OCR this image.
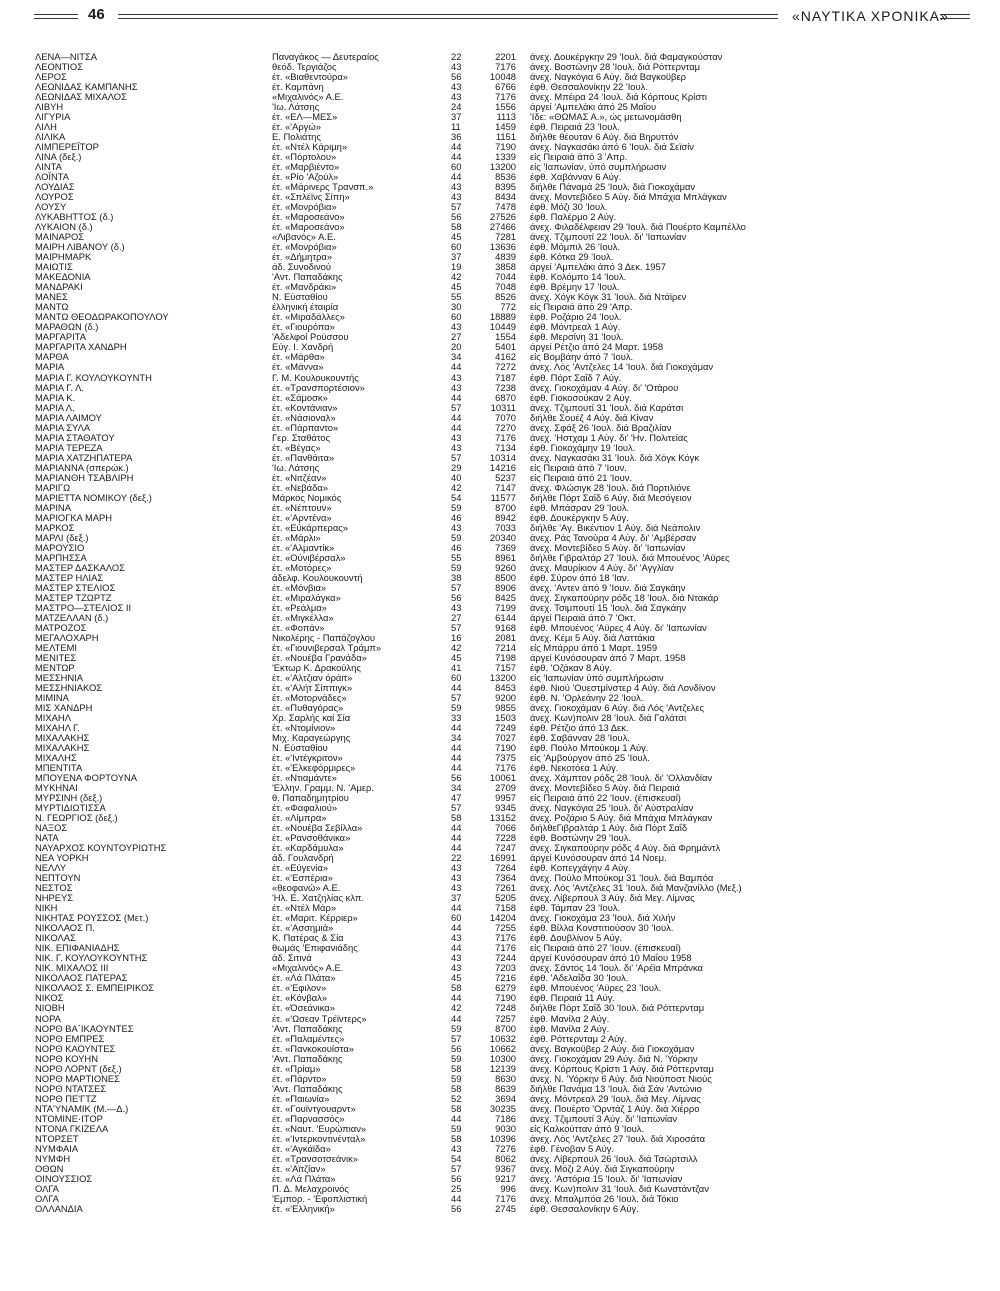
46	«ΝΑΥΤΙΚΑ ΧΡΟΝΙΚΑ»
ΛΕΝΑ—ΝΙΤΣΑ	Παναγάκος — Δευτεραίος	22	2201 άνεχ. Δουκέργκην 29 'Ιουλ. διά Φαμαγκούσταν
ΛΕΟΝΤΙΟΣ	θεόδ. Τεργιάζος	43	7176 άνεχ. Βοστώνην 28 'Ιουλ. διά Ρόττερνταμ
ΛΕΡΟΣ	έτ. «Βιαθεντούρα»	56	10048 άνεχ. Ναγκόγια 6 Αύγ. διά Βαγκοϋβερ
ΛΕΩΝΙΔΑΣ ΚΑΜΠΑΝΗΣ	έτ. Καμπάνη	43	6766 έφθ. Θεσσαλονίκην 22 'Ιουλ.
ΛΕΩΝΙΔΑΣ ΜΙΧΑΛΟΣ	«Μιχαλινός» Α.Ε.	43	7176 άνεχ. Μπέιρα 24 'Ιουλ. διά Κόρπους Κρίστι
ΛΙΒΥΗ	'Ιω. Λάτσης	24	1556 άργεί 'Αμπελάκι άπό 25 Μαΐου
ΛΙΓΥΡΙΑ	έτ. «ΕΛ—ΜΕΣ»	37	1113 'Ιδε: «ΘΩΜΑΣ Α.», ώς μετωνομάσθη
ΛΙΛΗ	έτ. «'Αργώ»	11	1459 έφθ. Πειραιά 23 'Ιουλ.
ΛΙΛΙΚΑ	Ε. Πολιάτης	36	1151 διήλθε θέουταν 6 Αύγ. διά Βηρυττόν
ΛΙΜΠΕΡΕΪΤΟΡ	έτ. «Ντέλ Κάριμη»	44	7190 άνεχ. Ναγκασάκι άπό 6 'Ιουλ. διά Σεϊσίν
ΛΙΝΑ (δεξ.)	έτ. «Πόρτολου»	44	1339 είς Πειραιά άπό 3 'Απρ.
ΛΙΝΤΑ	έτ. «Μαρβιέντο»	60	13200 είς 'Ιαπωνίαν, ύπό συμπλήρωσιν
ΛΟΪΝΤΑ	έτ. «Ρίο 'Αζούλ»	44	8536 έφθ. Χαβάνναν 6 Αύγ.
ΛΟΥΔΙΑΣ	έτ. «Μάρινερς Τρανσπ.»	43	8395 διήλθε Πάναμά 25 'Ιουλ. διά Γιοκοχάμαν
ΛΟΥΡΟΣ	έτ. «Σπλέϊνς Σίπη»	43	8434 άνεχ. Μοντεβιδεο 5 Αύγ. διά Μπάχια Μπλάγκαν
ΛΟΥΣΥ	έτ. «Μονρόβια»	57	7478 έφθ. Μόζι 30 'Ιουλ.
ΛΥΚΑΒΗΤΤΟΣ (δ.)	έτ. «Μαροσεάνο»	56	27526 έφθ. Παλέρμο 2 Αύγ.
ΛΥΚΑΙΟΝ (δ.)	έτ. «Μαροσεάνο»	58	27466 άνεχ. Φιλαδέλφειαν 29 'Ιουλ. διά Πουέρτο Καμπέλλο
ΜΑΙΝΑΡΟΣ	«Λιβανός» Α.Ε.	45	7281 άνεχ. Τζιμπουτί 22 'Ιουλ. δι' 'Ιαπωνίαν
ΜΑΙΡΗ ΛΙΒΑΝΟΥ (δ.)	έτ. «Μονρόβια»	60	13636 έφθ. Μόμπιλ 26 'Ιουλ.
ΜΑΙΡΗΜΑΡΚ	έτ. «Δήμητρα»	37	4839 έφθ. Κότκα 29 'Ιουλ.
ΜΑΙΩΤΙΣ	άδ. Συνοδινού	19	3858 άργεί 'Αμπελάκι άπό 3 Δεκ. 1957
ΜΑΚΕΔΟΝΙΑ	'Αντ. Παπαδάκης	42	7044 έφθ. Κολόμπο 14 'Ιουλ.
ΜΑΝΔΡΑΚΙ	έτ. «Μανδράκι»	45	7048 έφθ. Βρέμην 17 'Ιουλ.
ΜΑΝΕΣ	Ν. Εύσταθίου	55	8526 άνεχ. Χόγκ Κόγκ 31 'Ιουλ. διά Ντάϊρεν
ΜΑΝΤΩ	έλληνική έταιρία	30	772 είς Πειραιά άπό 29 'Απρ.
ΜΑΝΤΩ ΘΕΟΔΩΡΑΚΟΠΟΥΛΟΥ	έτ. «Μιραδάλλες»	60	18889 έφθ. Ροζάριο 24 'Ιουλ.
ΜΑΡΑΘΩΝ (δ.)	έτ. «Γιουρόπα»	43	10449 έφθ. Μόντρεαλ 1 Αύγ.
ΜΑΡΓΑΡΙΤΑ	'Αδελφοί Ρούσσου	27	1554 έφθ. Μερσίνη 31 'Ιουλ.
ΜΑΡΓΑΡΙΤΑ ΧΑΝΔΡΗ	Εύγ. Ι. Χανδρή	20	5401 άργεί Ρέτζιο άπό 24 Μαρτ. 1958
ΜΑΡΘΑ	έτ. «Μάρθα»	34	4162 είς Βομβάην άπό 7 'Ιουλ.
ΜΑΡΙΑ	έτ. «Μάννα»	44	7272 άνεχ. Λός 'Αντζελες 14 'Ιουλ. διά Γιοκοχάμαν
ΜΑΡΙΑ Γ. ΚΟΥΛΟΥΚΟΥΝΤΗ	Γ. Μ. Κουλουκουντής	43	7187 έφθ. Πόρτ Σαΐδ 7 Αύγ.
ΜΑΡΙΑ Γ. Λ.	έτ. «Τρανσπορτέσιον»	43	7238 άνεχ. Γιοκοχάμαν 4 Αύγ. δι' 'Οτάρου
ΜΑΡΙΑ Κ.	έτ. «Σάμοσκ»	44	6870 έφθ. Γιοκοσούκαν 2 Αύγ.
ΜΑΡΙΑ Λ.	έτ. «Κοντάνιαν»	57	10311 άνεχ. Τζιμπουτί 31 'Ιουλ. διά Καράτσι
ΜΑΡΙΑ ΛΑΙΜΟΥ	έτ. «Νάσιοναλ»	44	7070 διήλθε Σουέζ 4 Αύγ. διά Κίναν
ΜΑΡΙΑ ΣΥΛΑ	έτ. «Πάρπαντο»	44	7270 άνεχ. Σφάξ 26 'Ιουλ. διά Βραζιλίαν
ΜΑΡΙΑ ΣΤΑΘΑΤΟΥ	Γερ. Σταθάτος	43	7176 άνεχ. 'Ηστχαμ 1 Αύγ. δι' 'Ην. Πολιτείας
ΜΑΡΙΑ ΤΕΡΕΖΑ	έτ. «Βέγας»	43	7134 έφθ. Γιοκοχάμην 19 'Ιουλ.
ΜΑΡΙΑ ΧΑΤΖΗΠΑΤΕΡΑ	έτ. «Πανθάιτα»	57	10314 άνεχ. Ναγκασάκι 31 'Ιουλ. διά Χόγκ Κόγκ
ΜΑΡΙΑΝΝΑ (σπερώκ.)	'Ιω. Λάτσης	29	14216 είς Πειραιά άπό 7 'Ιουν.
ΜΑΡΙΑΝΘΗ ΤΣΑΒΛΙΡΗ	έτ. «Νιτζέαν»	40	5237 είς Πειραιά άπό 21 'Ιουν.
ΜΑΡΙΓΩ	έτ. «Νεβάδα»	42	7147 άνεχ. Φλώσιγκ 28 'Ιουλ. διά Πορτιλιόνε
ΜΑΡΙΕΤΤΑ ΝΟΜΙΚΟΥ (δεξ.)	Μάρκος Νομικός	54	11577 διήλθε Πόρτ Σαΐδ 6 Αύγ. διά Μεσόγειον
ΜΑΡΙΝΑ	έτ. «Νέπτουν»	59	8700 έφθ. Μπάσραν 29 'Ιουλ.
ΜΑΡΙΟΓΚΑ ΜΑΡΗ	έτ. «'Αρντένα»	46	8942 έφθ. Δουκέργκην 5 Αύγ.
ΜΑΡΚΟΣ	έτ. «Εύκάρπερας»	43	7033 διήλθε 'Αγ. Βικέντιον 1 Αύγ. διά Νεάπολιν
ΜΑΡΛΙ (δεξ.)	έτ. «Μάρλι»	59	20340 άνεχ. Ράς Τανούρα 4 Αύγ. δι' 'Αμβέρσαν
ΜΑΡΟΥΣΙΟ	έτ. «'Αλμαντίκ»	46	7369 άνεχ. Μοντεβίδεο 5 Αύγ. δι' 'Ιαπωνίαν
ΜΑΡΠΗΣΣΑ	έτ. «Ούνιβέρσαλ»	55	8961 διήλθε Γιβραλτάρ 27 'Ιουλ. διά Μπουένος 'Αϋρες
ΜΑΣΤΕΡ ΔΑΣΚΑΛΟΣ	έτ. «Μοτόρες»	59	9260 άνεχ. Μαυρίκιον 4 Αύγ. δι' 'Αγγλίαν
ΜΑΣΤΕΡ ΗΛΙΑΣ	άδελφ. Κουλουκουντή	38	8500 έφθ. Σύρον άπό 18 'Ιαν.
ΜΑΣΤΕΡ ΣΤΕΛΙΟΣ	έτ. «Μόνβια»	57	8906 άνεχ. 'Αντεν άπό 9 'Ιουν. διά Σαγκάην
ΜΑΣΤΕΡ ΤΖΩΡΤΖ	έτ. «Μιραλάγκα»	56	8425 άνεχ. Σιγκαπούρην ρόδς 18 'Ιουλ. διά Ντακάρ
ΜΑΣΤΡΟ—ΣΤΕΛΙΟΣ ΙΙ	έτ. «Ρεάλμα»	43	7199 άνεχ. Τσιμπουτί 15 'Ιουλ. διά Σαγκάην
ΜΑΤΖΕΛΛΑΝ (δ.)	έτ. «Μιγκέλλα»	27	6144 άργεί Πειραιά άπό 7 'Οκτ.
ΜΑΤΡΟΖΟΣ	έτ. «Φοπάν»	57	9168 έφθ. Μπουένος 'Αϋρες 4 Αύγ. δι' 'Ιαπωνίαν
ΜΕΓΑΛΟΧΑΡΗ	Νικολέρης - Παπάζογλου	16	2081 άνεχ. Κέμι 5 Αύγ. διά Λαττάκια
ΜΕΛΤΕΜΙ	έτ. «Γιουνιβερσαλ Τράμπ»	42	7214 είς Μπάρρυ άπό 1 Μαρτ. 1959
ΜΕΝΙΤΕΣ	έτ. «Νουέβα Γρανάδα»	45	7198 άργεί Κυνόσουραν άπό 7 Μαρτ. 1958
ΜΕΝΤΩΡ	'Εκτωρ Κ. Δρακούλης	41	7157 έφθ. 'Οζάκαν 8 Αύγ.
ΜΕΣΣΗΝΙΑ	έτ. «'Αλτζιαν όράιτ»	60	13200 είς 'Ιαπωνίαν ύπό συμπλήρωσιν
ΜΕΣΣΗΝΙΑΚΟΣ	έτ. «'Αλήτ Σίππιγκ»	44	8453 έφθ. Νιού 'Ουεστμίνστερ 4 Αύγ. διά Λονδίνον
ΜΙΜΙΝΑ	έτ. «Μοτορνάδες»	57	9200 έφθ. Ν. 'Ορλεάνην 22 'Ιουλ.
ΜΙΣ ΧΑΝΔΡΗ	έτ. «Πυθαγόρας»	59	9855 άνεχ. Γιοκοχάμαν 6 Αύγ. διά Λός 'Αντζελες
ΜΙΧΑΗΛ	Χρ. Σαρλής καί Σία	33	1503 άνεχ. Κων)πολιν 28 'Ιουλ. διά Γαλάτσι
ΜΙΧΑΗΛ Γ.	έτ. «Ντομίνιον»	44	7249 έφθ. Ρέτζιο άπό 13 Δεκ.
ΜΙΧΑΛΑΚΗΣ	Μιχ. Καραγεώργης	34	7027 έφθ. Σαβάνναν 28 'Ιουλ.
ΜΙΧΑΛΑΚΗΣ	Ν. Εύσταθίου	44	7190 έφθ. Πούλο Μπούκομ 1 Αύγ.
ΜΙΧΑΛΗΣ	έτ. «'Ιντέγκριτον»	44	7375 είς 'Αμβούργον άπό 25 'Ιουλ.
ΜΠΕΝΤΙΤΑ	έτ. «'Ελκεφόρμιρες»	44	7176 έφθ. Νεκοτόεα 1 Αύγ.
ΜΠΟΥΕΝΑ ΦΟΡΤΟΥΝΑ	έτ. «Ντιαμάντε»	56	10061 άνεχ. Χάμπτον ρόδς 28 'Ιουλ. δι' 'Ολλανδίαν
ΜΥΚΗΝΑΙ	'Ελλην. Γραμμ. Ν. 'Αμερ.	34	2709 άνεχ. Μοντεβίδεο 5 Αύγ. διά Πειραιά
ΜΥΡΣΙΝΗ (δεξ.)	θ. Παπαδημητρίου	47	9957 είς Πειραιά άπό 22 'Ιουν. (έπισκευαί)
ΜΥΡΤΙΔΙΩΤΙΣΣΑ	έτ. «Φαφαλιού»	57	9345 άνεχ. Ναγκόγια 25 'Ιουλ. δι' Αύστραλίαν
Ν. ΓΕΩΡΓΙΟΣ (δεξ.)	έτ. «Λίμπρα»	58	13152 άνεχ. Ροζάριο 5 Αύγ. διά Μπάχια Μπλάγκαν
ΝΑΞΟΣ	έτ. «Νουέβα Σεβίλλα»	44	7066 διήλθεΓιβραλτάρ 1 Αύγ. διά Πόρτ Σαΐδ
ΝΑΤΑ	έτ. «Ρανσοθάνικα»	44	7228 έφθ. Βοστώνην 29 'Ιουλ.
ΝΑΥΑΡΧΟΣ ΚΟΥΝΤΟΥΡΙΩΤΗΣ	έτ. «Καρδάμυλα»	44	7247 άνεχ. Σιγκαπούρην ρόδς 4 Αύγ. διά Φρημάντλ
ΝΕΑ ΥΟΡΚΗ	άδ. Γουλανδρή	22	16991 άργεί Κυνόσουραν άπό 14 Νοεμ.
ΝΕΛΛΥ	έτ. «Εύγενία»	43	7264 έφθ. Κοπεγχάγην 4 Αύγ.
ΝΕΠΤΟΥΝ	έτ. «'Εσπέρια»	43	7364 άνεχ. Πούλο Μπούκομ 31 'Ιουλ. διά Βαμπόα
ΝΕΣΤΟΣ	«θεοφανώ» Α.Ε.	43	7261 άνεχ. Λός 'Αντζελες 31 'Ιουλ. διά Μανζανίλλο (Μεξ.)
ΝΗΡΕΥΣ	'Ηλ. Ε. Χατζηλίας κλπ.	37	5205 άνεχ. Λίβερπουλ 3 Αύγ. διά Μεγ. Λίμνας
ΝΙΚΗ	έτ. «Ντέλ Μάρ»	44	7158 έφθ. Τάμπαν 23 'Ιουλ.
ΝΙΚΗΤΑΣ ΡΟΥΣΣΟΣ (Μετ.)	έτ. «Μαριτ. Κέρριερ»	60	14204 άνεχ. Γιοκοχάμα 23 'Ιουλ. διά Χιλήν
ΝΙΚΟΛΑΟΣ Π.	έτ. «'Ασσημιά»	44	7255 έφθ. Βίλλα Κονστιτιούσον 30 'Ιουλ.
ΝΙΚΟΛΑΣ	Κ. Πατέρας & Σία	43	7176 έφθ. Δουβλίνον 5 Αύγ.
ΝΙΚ. ΕΠΙΦΑΝΙΑΔΗΣ	θωμάς 'Επιφανιάδης	44	7176 είς Πειραιά άπό 27 'Ιουν. (έπισκευαί)
ΝΙΚ. Γ. ΚΟΥΛΟΥΚΟΥΝΤΗΣ	άδ. Σιτινά	43	7244 άργεί Κυνόσουραν άπό 10 Μαΐου 1958
ΝΙΚ. ΜΙΧΑΛΟΣ ΙΙΙ	«Μιχαλινός» Α.Ε.	43	7203 άνεχ. Σάντος 14 'Ιουλ. δι' 'Αρέϊα Μπράνκα
ΝΙΚΟΛΑΟΣ ΠΑΤΕΡΑΣ	έτ. «Λά Πλάτα»	45	7216 έφθ. 'Αδελαΐδα 30 'Ιουλ.
ΝΙΚΟΛΑΟΣ Σ. ΕΜΠΕΙΡΙΚΟΣ	έτ. «'Εφιλον»	58	6279 έφθ. Μπουένος 'Αϋρες 23 'Ιουλ.
ΝΙΚΟΣ	έτ. «Κόνβαλ»	44	7190 έφθ. Πειραιά 11 Αύγ.
ΝΙΟΒΗ	έτ. «Όσεάνικα»	42	7248 διήλθε Πόρτ Σαΐδ 30 'Ιουλ. διά Ρόττερνταμ
ΝΟΡΑ	έτ. «'Ωσεαν Τρέϊντερς»	44	7257 έφθ. Μανίλα 2 Αύγ.
ΝΟΡΘ ΒΑ΄ΙΚΑΟΥΝΤΕΣ	'Αντ. Παπαδάκης	59	8700 έφθ. Μανίλα 2 Αύγ.
ΝΟΡΘ ΕΜΠΡΕΣ	έτ. «Παλαμέντες»	57	10632 έφθ. Ρόττερνταμ 2 Αύγ.
ΝΟΡΘ ΚΑΟΥΝΤΕΣ	έτ. «Πανκοκουίστα»	56	10662 άνεχ. Βαγκοϋβερ 2 Αύγ. διά Γιοκοχάμαν
ΝΟΡΘ ΚΟΥΗΝ	'Αντ. Παπαδάκης	59	10300 άνεχ. Γιοκοχάμαν 29 Αύγ. διά Ν. 'Υόρκην
ΝΟΡΘ ΛΟΡΝΤ (δεξ.)	έτ. «Πρίαμ»	58	12139 άνεχ. Κόρπους Κρίστι 1 Αύγ. διά Ρόττερνταμ
ΝΟΡΘ ΜΑΡΤΙΟΝΕΣ	έτ. «Πάρντο»	59	8630 άνεχ. Ν. 'Υόρκην 6 Αύγ. διά Νιούποστ Νιούς
ΝΟΡΘ ΝΤΑΤΣΕΣ	'Αντ. Παπαδάκης	58	8639 διήλθε Πανάμα 13 'Ιουλ. διά Σάν 'Αντώνιο
ΝΟΡΘ ΠΕ'ΓΤΖ	έτ. «Παιωνία»	52	3694 άνεχ. Μόντρεαλ 29 'Ιουλ. διά Μεγ. Λίμνας
ΝΤΑ'ΥΝΑΜΙΚ (Μ.—Δ.)	έτ. «Γουϊντγουαρντ»	58	30235 άνεχ. Πουέρτο 'Ορντάζ 1 Αύγ. διά Χιέρρο
ΝΤΟΜΙΝΕ·ΙΤΟΡ	έτ. «Παρνασσός»	44	7186 άνεχ. Τζιμπουτί 3 Αύγ. δι' 'Ιαπωνίαν
ΝΤΟΝΑ ΓΚΙΖΕΛΑ	έτ. «Ναυτ. 'Ευρώπιαν»	59	9030 είς Καλκούτταν άπό 9 'Ιουλ.
ΝΤΟΡΣΕΤ	έτ. «'Ιντερκοντινένταλ»	58	10396 άνεχ. Λός 'Αντζελες 27 'Ιουλ. διά Χιροσάτα
ΝΥΜΦΑΙΑ	έτ. «'Αγκάϊδα»	43	7276 έφθ. Γένοβαν 5 Αύγ.
ΝΥΜΦΗ	έτ. «Τρανσοτσεάνικ»	54	8062 άνεχ. Λίβερπουλ 26 'Ιουλ. διά Τσώρτσιλλ
ΟΘΩΝ	έτ. «'Αϊτζίαν»	57	9367 άνεχ. Μόζι 2 Αύγ. διά Σιγκαπούρην
ΟΙΝΟΥΣΣΙΟΣ	έτ. «Λά Πλάτα»	56	9217 άνεχ. 'Αστόρια 15 'Ιουλ. δι' 'Ιαπωνίαν
ΟΛΓΑ	Π. Δ. Μελαχροινός	25	996 άνεχ. Κων)πολιν 31 'Ιουλ. διά Κωνστάντζαν
ΟΛΓΑ	'Εμπορ. - 'Εφοπλιστική	44	7176 άνεχ. Μπαλμπόα 26 'Ιουλ. διά Τόκιο
ΟΛΛΑΝΔΙΑ	έτ. «'Ελληνική»	56	2745 έφθ. Θεσσαλονίκην 6 Αύγ.
